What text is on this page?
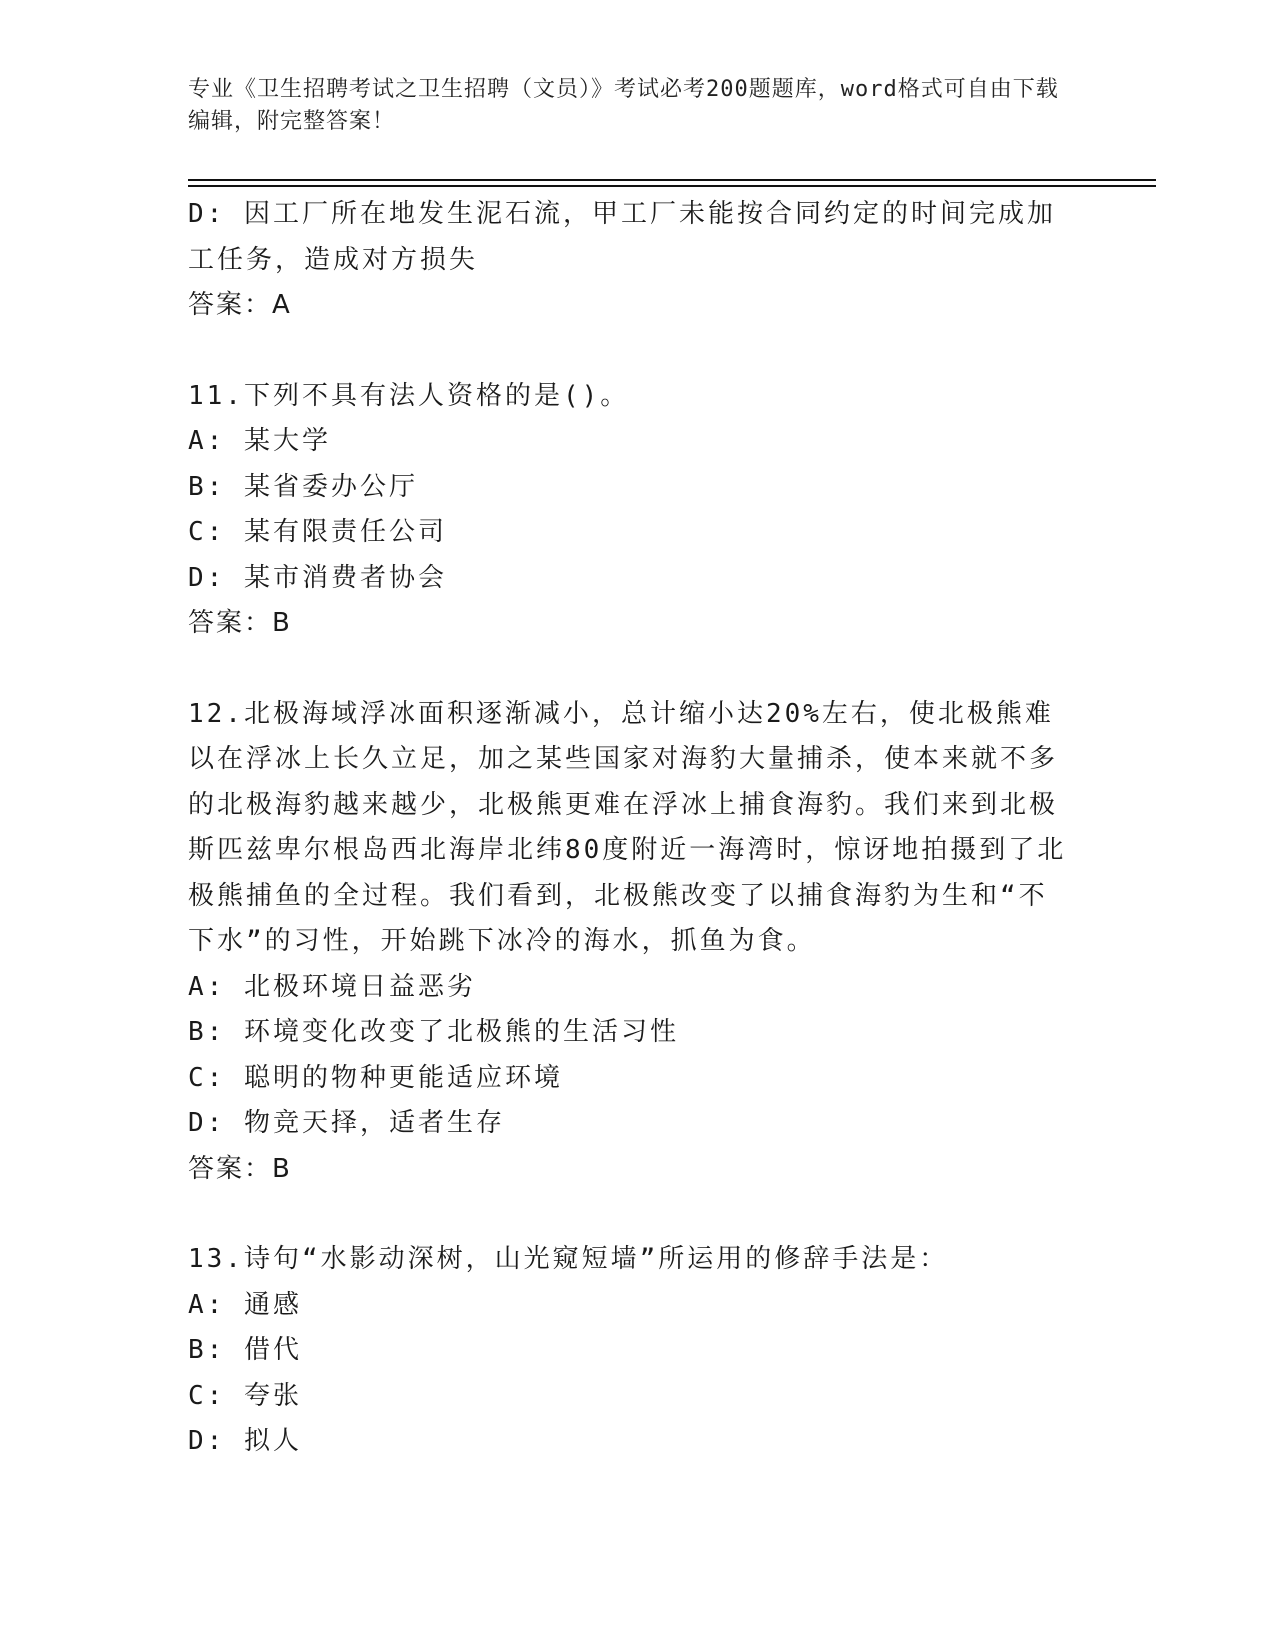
专业《卫生招聘考试之卫生招聘（文员）》考试必考200题题库，word格式可自由下载编辑，附完整答案！

D: 因工厂所在地发生泥石流，甲工厂未能按合同约定的时间完成加工任务，造成对方损失

答案：A

11.下列不具有法人资格的是()。

A: 某大学

B: 某省委办公厅

C: 某有限责任公司

D: 某市消费者协会

答案：B

12.北极海域浮冰面积逐渐减小，总计缩小达20%左右，使北极熊难以在浮冰上长久立足，加之某些国家对海豹大量捕杀，使本来就不多的北极海豹越来越少，北极熊更难在浮冰上捕食海豹。我们来到北极斯匹兹卑尔根岛西北海岸北纬80度附近一海湾时，惊讶地拍摄到了北极熊捕鱼的全过程。我们看到，北极熊改变了以捕食海豹为生和“不下水”的习性，开始跳下冰冷的海水，抓鱼为食。

A: 北极环境日益恶劣

B: 环境变化改变了北极熊的生活习性

C: 聪明的物种更能适应环境

D: 物竞天择，适者生存

答案：B

13.诗句“水影动深树，山光窥短墙”所运用的修辞手法是：

A: 通感

B: 借代

C: 夸张

D: 拟人
